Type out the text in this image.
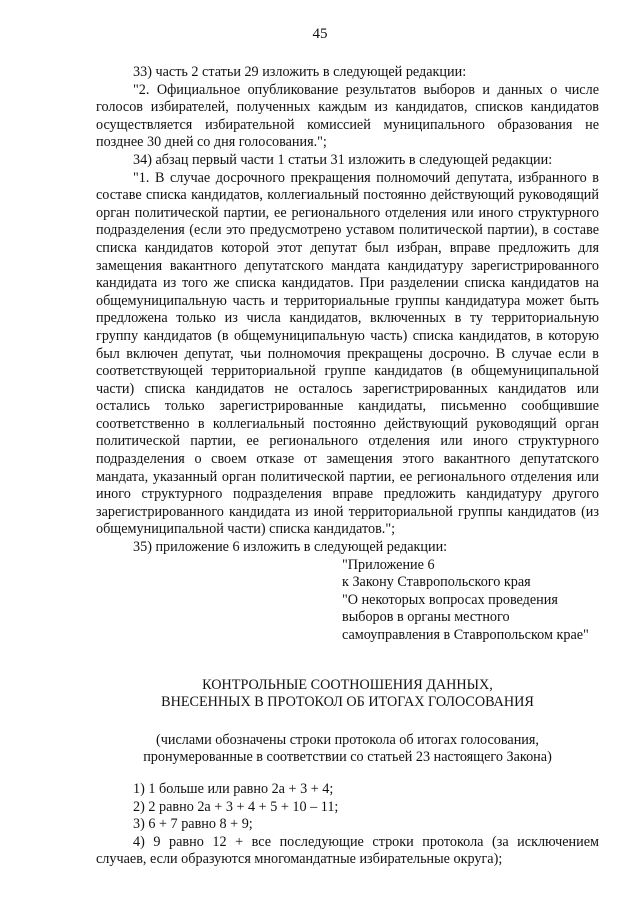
45

33) часть 2 статьи 29 изложить в следующей редакции:

"2. Официальное опубликование результатов выборов и данных о числе голосов избирателей, полученных каждым из кандидатов, списков кандидатов осуществляется избирательной комиссией муниципального образования не позднее 30 дней со дня голосования.";

34) абзац первый части 1 статьи 31 изложить в следующей редакции:

"1. В случае досрочного прекращения полномочий депутата, избранного в составе списка кандидатов, коллегиальный постоянно действующий руководящий орган политической партии, ее регионального отделения или иного структурного подразделения (если это предусмотрено уставом политической партии), в составе списка кандидатов которой этот депутат был избран, вправе предложить для замещения вакантного депутатского мандата кандидатуру зарегистрированного кандидата из того же списка кандидатов. При разделении списка кандидатов на общемуниципальную часть и территориальные группы кандидатура может быть предложена только из числа кандидатов, включенных в ту территориальную группу кандидатов (в общемуниципальную часть) списка кандидатов, в которую был включен депутат, чьи полномочия прекращены досрочно. В случае если в соответствующей территориальной группе кандидатов (в общемуниципальной части) списка кандидатов не осталось зарегистрированных кандидатов или остались только зарегистрированные кандидаты, письменно сообщившие соответственно в коллегиальный постоянно действующий руководящий орган политической партии, ее регионального отделения или иного структурного подразделения о своем отказе от замещения этого вакантного депутатского мандата, указанный орган политической партии, ее регионального отделения или иного структурного подразделения вправе предложить кандидатуру другого зарегистрированного кандидата из иной территориальной группы кандидатов (из общемуниципальной части) списка кандидатов.";

35) приложение 6 изложить в следующей редакции:

"Приложение 6
к Закону Ставропольского края
"О некоторых вопросах проведения
выборов в органы местного
самоуправления в Ставропольском крае"
КОНТРОЛЬНЫЕ СООТНОШЕНИЯ ДАННЫХ,
ВНЕСЕННЫХ В ПРОТОКОЛ ОБ ИТОГАХ ГОЛОСОВАНИЯ
(числами обозначены строки протокола об итогах голосования,
пронумерованные в соответствии со статьей 23 настоящего Закона)

1) 1 больше или равно 2а + 3 + 4;

2) 2 равно 2а + 3 + 4 + 5 + 10 – 11;

3) 6 + 7 равно 8 + 9;

4) 9 равно 12 + все последующие строки протокола (за исключением случаев, если образуются многомандатные избирательные округа);
